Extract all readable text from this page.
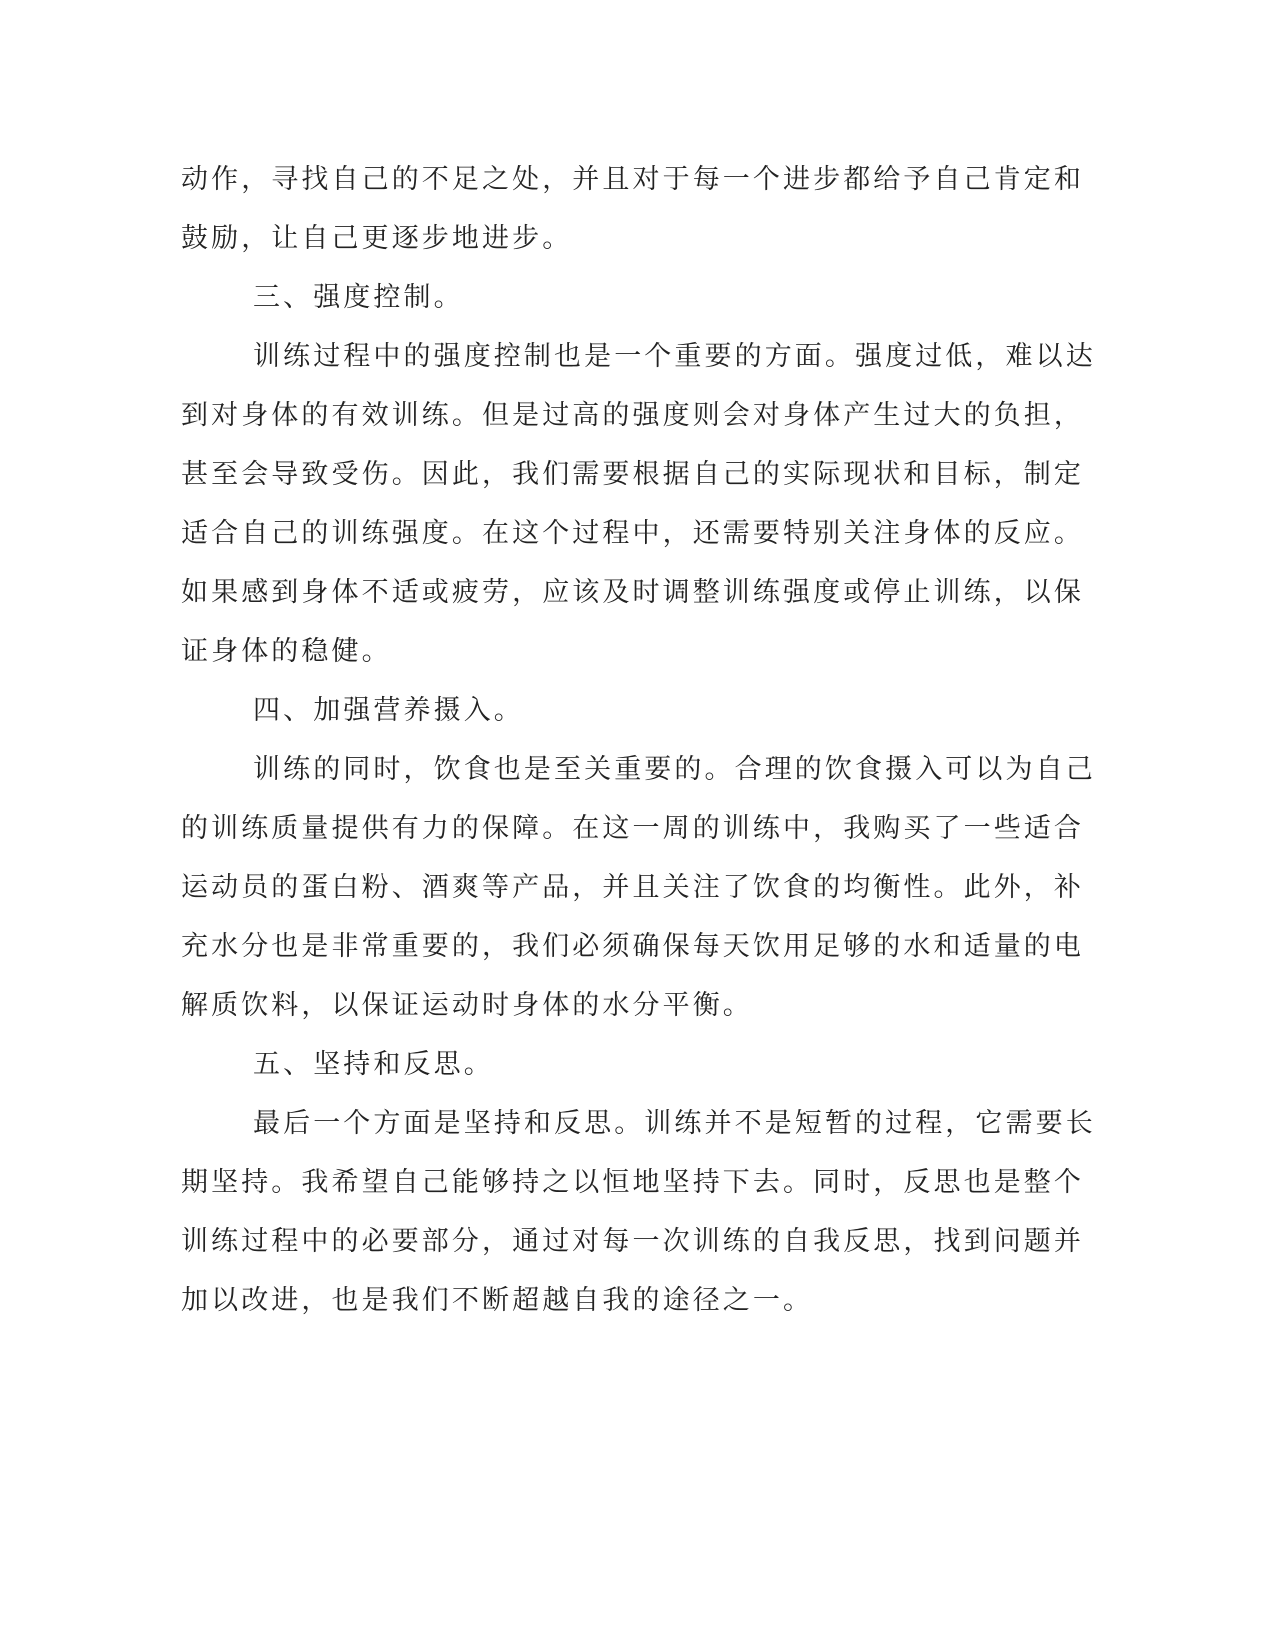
动作，寻找自己的不足之处，并且对于每一个进步都给予自己肯定和
鼓励，让自己更逐步地进步。
三、强度控制。
训练过程中的强度控制也是一个重要的方面。强度过低，难以达
到对身体的有效训练。但是过高的强度则会对身体产生过大的负担，
甚至会导致受伤。因此，我们需要根据自己的实际现状和目标，制定
适合自己的训练强度。在这个过程中，还需要特别关注身体的反应。
如果感到身体不适或疲劳，应该及时调整训练强度或停止训练，以保
证身体的稳健。
四、加强营养摄入。
训练的同时，饮食也是至关重要的。合理的饮食摄入可以为自己
的训练质量提供有力的保障。在这一周的训练中，我购买了一些适合
运动员的蛋白粉、酒爽等产品，并且关注了饮食的均衡性。此外，补
充水分也是非常重要的，我们必须确保每天饮用足够的水和适量的电
解质饮料，以保证运动时身体的水分平衡。
五、坚持和反思。
最后一个方面是坚持和反思。训练并不是短暂的过程，它需要长
期坚持。我希望自己能够持之以恒地坚持下去。同时，反思也是整个
训练过程中的必要部分，通过对每一次训练的自我反思，找到问题并
加以改进，也是我们不断超越自我的途径之一。
